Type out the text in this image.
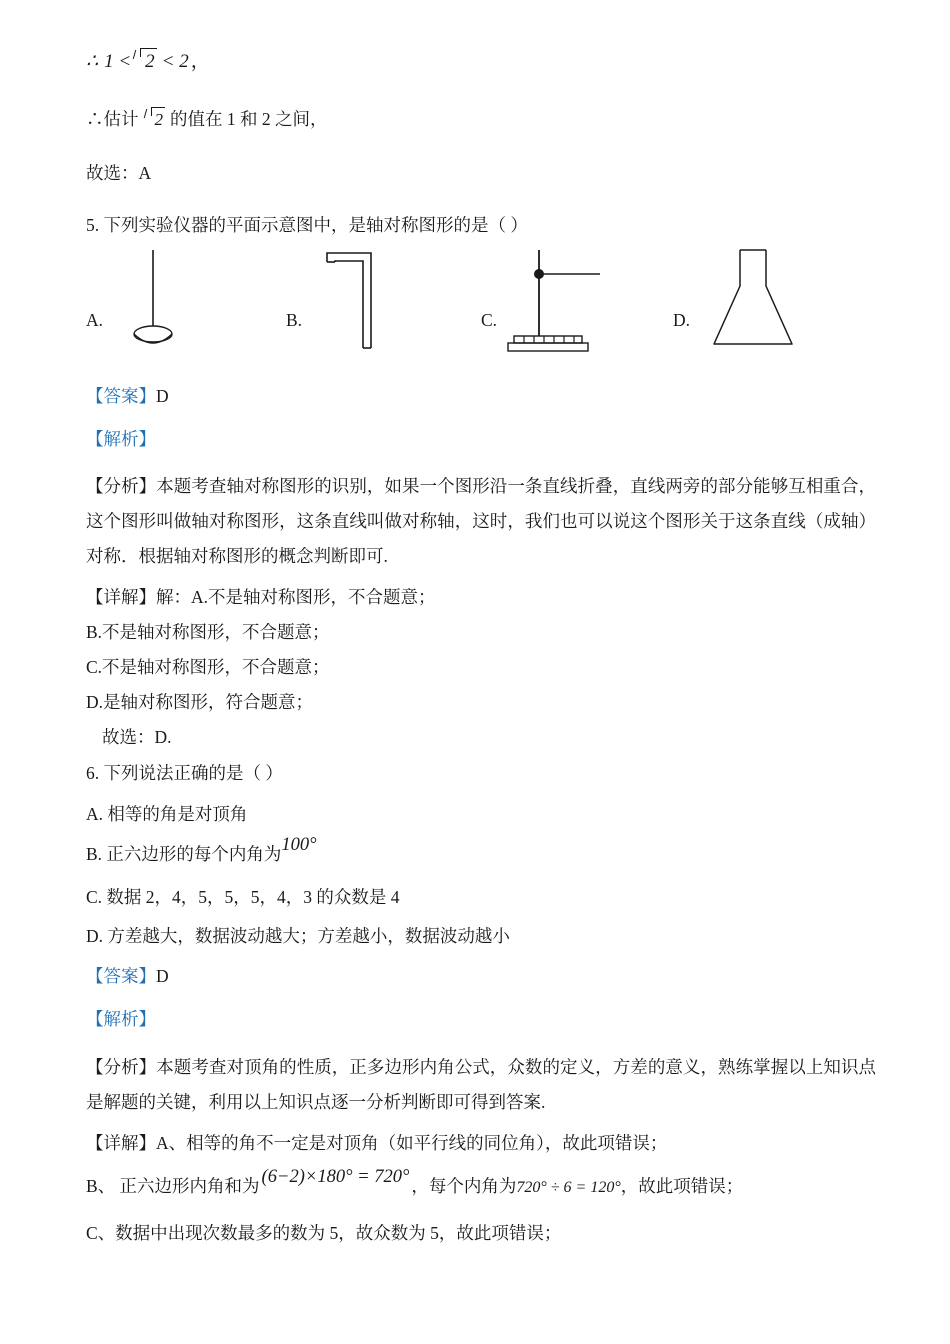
∴ 1 < 2 < 2 ，
∴估计 2 的值在 1 和 2 之间，
故选：A
5. 下列实验仪器的平面示意图中，是轴对称图形的是（ ）
A.	B.	C.	D.
【答案】D
【解析】
【分析】本题考查轴对称图形的识别，如果一个图形沿一条直线折叠，直线两旁的部分能够互相重合，这个图形叫做轴对称图形，这条直线叫做对称轴，这时，我们也可以说这个图形关于这条直线（成轴）对称．根据轴对称图形的概念判断即可.
【详解】解：A.不是轴对称图形，不合题意；
B.不是轴对称图形，不合题意；
C.不是轴对称图形，不合题意；
D.是轴对称图形，符合题意；
故选：D.
6. 下列说法正确的是（ ）
A. 相等的角是对顶角
B. 正六边形的每个内角为100°
C. 数据 2，4，5，5，5，4，3 的众数是 4
D. 方差越大，数据波动越大；方差越小，数据波动越小
【答案】D
【解析】
【分析】本题考查对顶角的性质，正多边形内角公式，众数的定义，方差的意义，熟练掌握以上知识点是解题的关键，利用以上知识点逐一分析判断即可得到答案.
【详解】A、相等的角不一定是对顶角（如平行线的同位角），故此项错误；
B、 正六边形内角和为 (6−2)×180° = 720° ，每个内角为720° ÷ 6 = 120°，故此项错误；
C、数据中出现次数最多的数为 5，故众数为 5，故此项错误；
